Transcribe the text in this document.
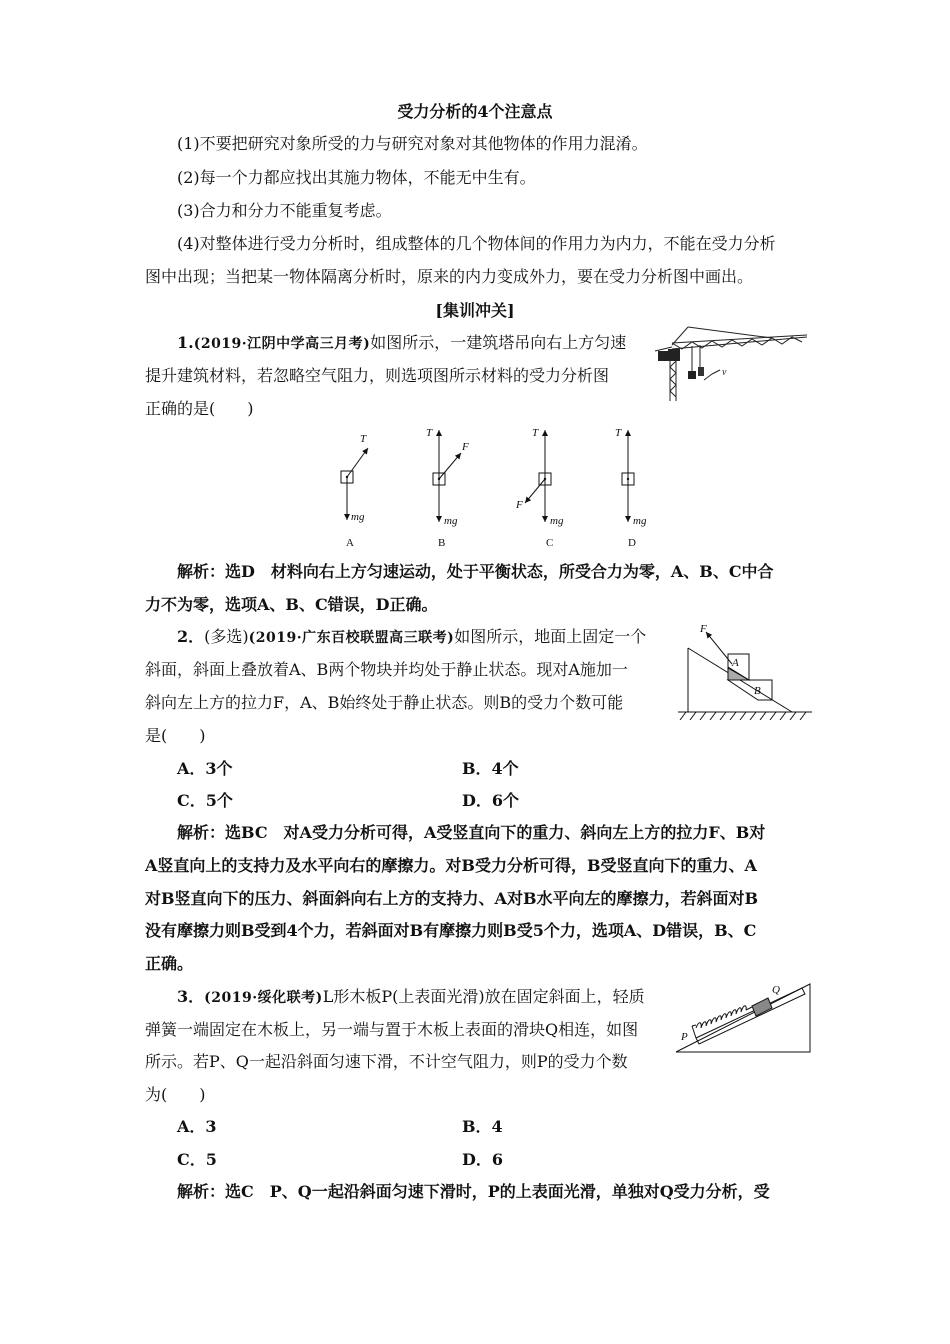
受力分析的4个注意点
(1)不要把研究对象所受的力与研究对象对其他物体的作用力混淆。
(2)每一个力都应找出其施力物体，不能无中生有。
(3)合力和分力不能重复考虑。
(4)对整体进行受力分析时，组成整体的几个物体间的作用力为内力，不能在受力分析
图中出现；当把某一物体隔离分析时，原来的内力变成外力，要在受力分析图中画出。
[集训冲关]
1.(2019·江阴中学高三月考)如图所示，一建筑塔吊向右上方匀速
提升建筑材料，若忽略空气阻力，则选项图所示材料的受力分析图
正确的是(　　)
v
T
mg
A
T
F
mg
B
T
F
mg
C
T
mg
D
解析：选D　材料向右上方匀速运动，处于平衡状态，所受合力为零，A、B、C中合
力不为零，选项A、B、C错误，D正确。
2．(多选)(2019·广东百校联盟高三联考)如图所示，地面上固定一个
斜面，斜面上叠放着A、B两个物块并均处于静止状态。现对A施加一
斜向左上方的拉力F，A、B始终处于静止状态。则B的受力个数可能
是(　　)
F
A
B
A．3个	B．4个
C．5个	D．6个
解析：选BC　对A受力分析可得，A受竖直向下的重力、斜向左上方的拉力F、B对
A竖直向上的支持力及水平向右的摩擦力。对B受力分析可得，B受竖直向下的重力、A
对B竖直向下的压力、斜面斜向右上方的支持力、A对B水平向左的摩擦力，若斜面对B
没有摩擦力则B受到4个力，若斜面对B有摩擦力则B受5个力，选项A、D错误，B、C
正确。
3．(2019·绥化联考)L形木板P(上表面光滑)放在固定斜面上，轻质
弹簧一端固定在木板上，另一端与置于木板上表面的滑块Q相连，如图
所示。若P、Q一起沿斜面匀速下滑，不计空气阻力，则P的受力个数
为(　　)
Q
P
A．3	B．4
C．5	D．6
解析：选C　P、Q一起沿斜面匀速下滑时，P的上表面光滑，单独对Q受力分析，受
